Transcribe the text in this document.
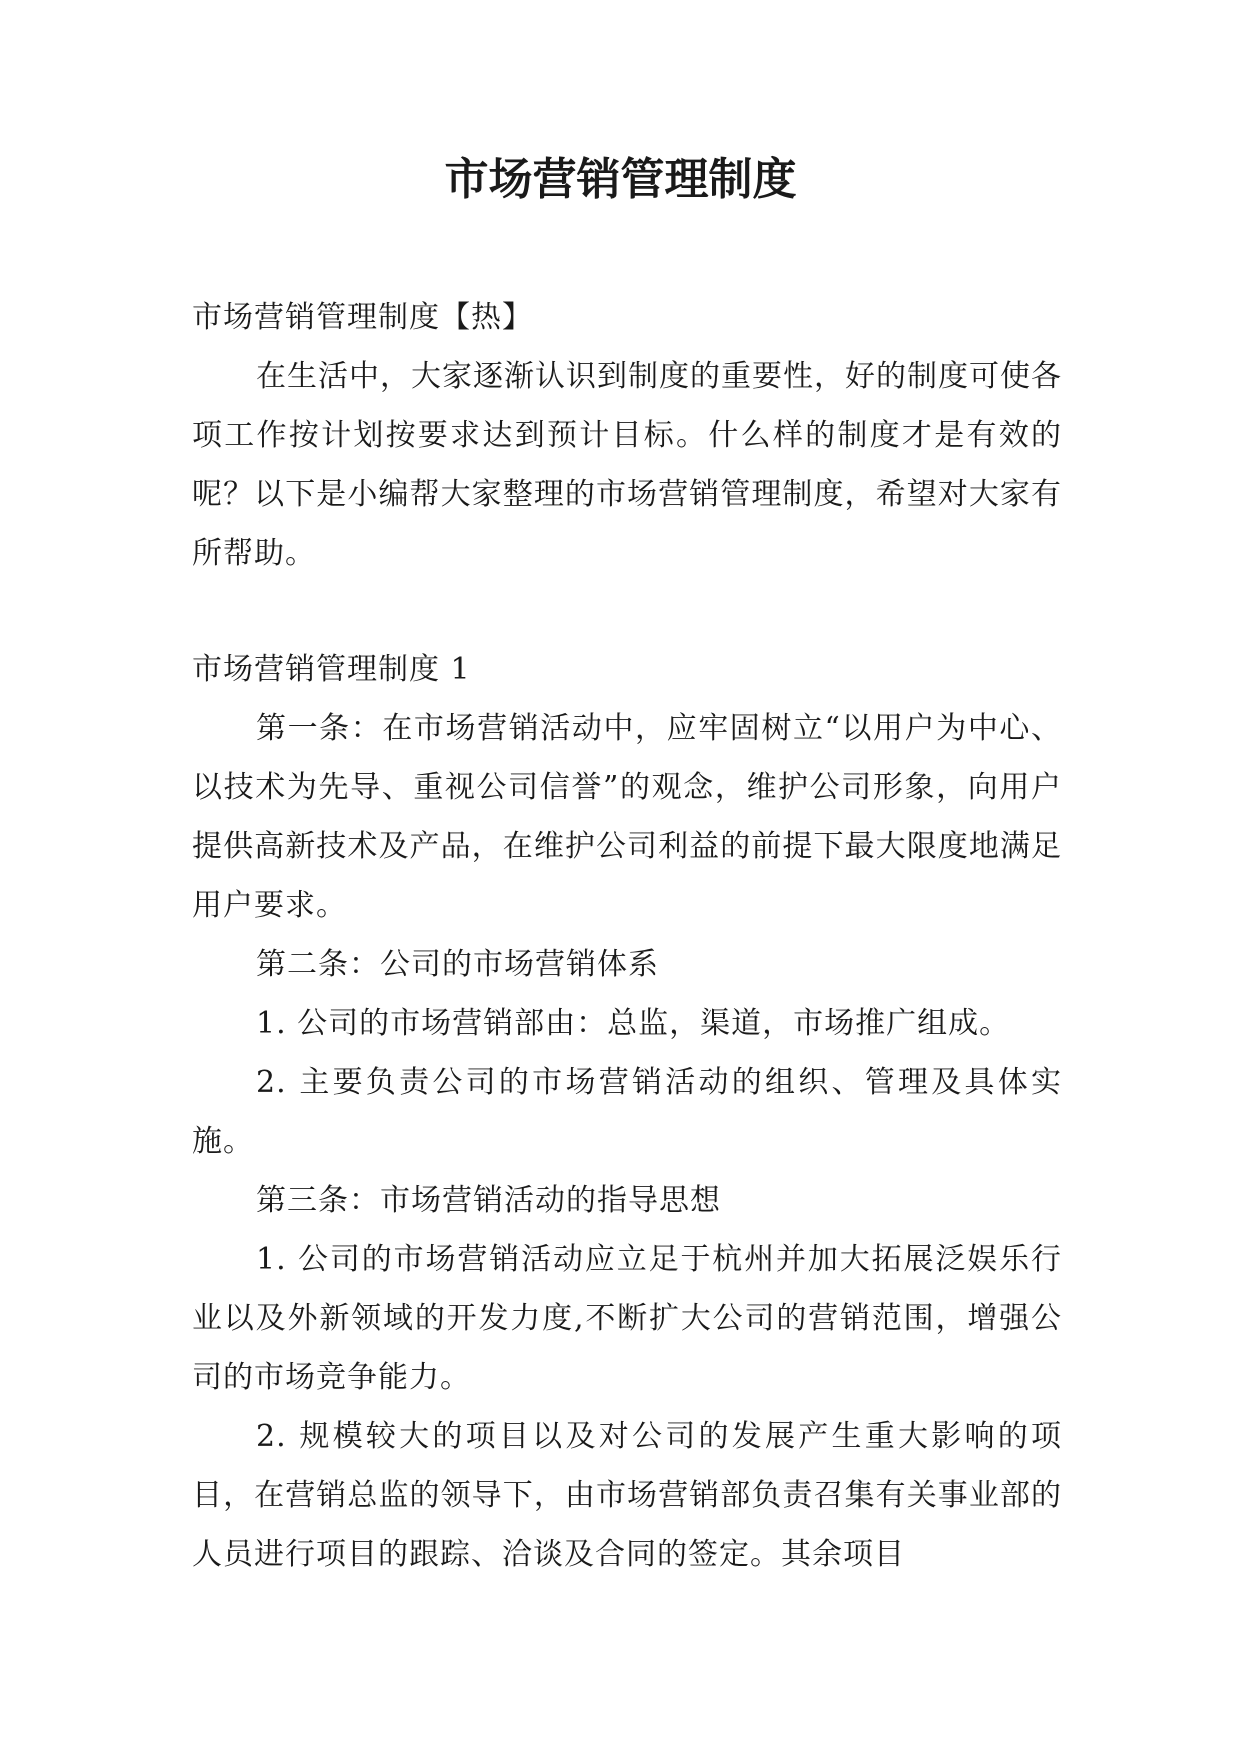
市场营销管理制度

市场营销管理制度【热】

在生活中，大家逐渐认识到制度的重要性，好的制度可使各项工作按计划按要求达到预计目标。什么样的制度才是有效的呢？以下是小编帮大家整理的市场营销管理制度，希望对大家有所帮助。

市场营销管理制度 1

第一条：在市场营销活动中，应牢固树立“以用户为中心、以技术为先导、重视公司信誉”的观念，维护公司形象，向用户提供高新技术及产品，在维护公司利益的前提下最大限度地满足用户要求。

第二条：公司的市场营销体系

1. 公司的市场营销部由：总监，渠道，市场推广组成。

2. 主要负责公司的市场营销活动的组织、管理及具体实施。

第三条：市场营销活动的指导思想

1. 公司的市场营销活动应立足于杭州并加大拓展泛娱乐行业以及外新领域的开发力度,不断扩大公司的营销范围，增强公司的市场竞争能力。

2. 规模较大的项目以及对公司的发展产生重大影响的项目，在营销总监的领导下，由市场营销部负责召集有关事业部的人员进行项目的跟踪、洽谈及合同的签定。其余项目
